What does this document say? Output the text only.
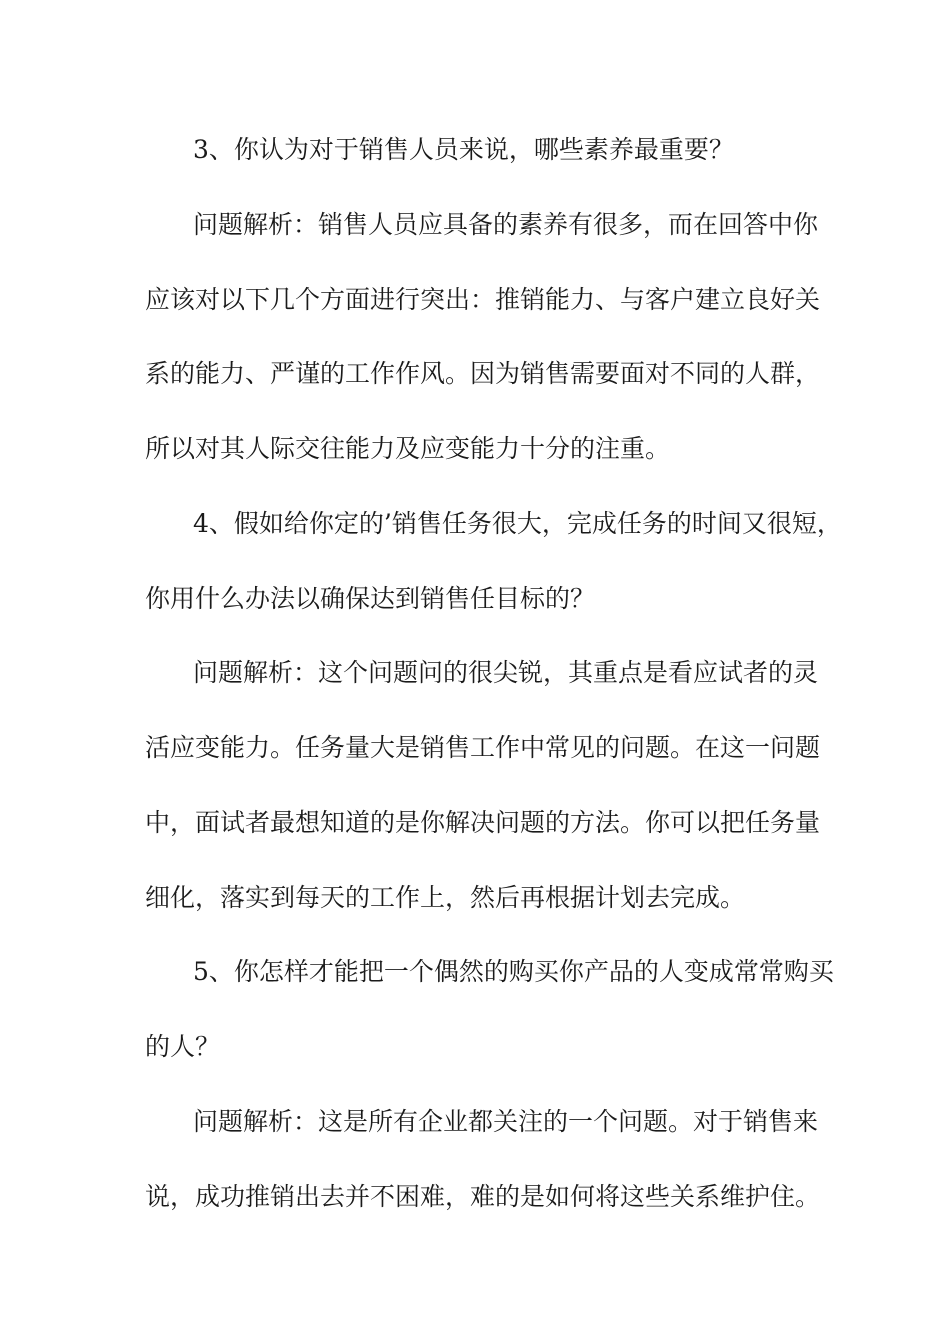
3、你认为对于销售人员来说，哪些素养最重要？
问题解析：销售人员应具备的素养有很多，而在回答中你
应该对以下几个方面进行突出：推销能力、与客户建立良好关
系的能力、严谨的工作作风。因为销售需要面对不同的人群，
所以对其人际交往能力及应变能力十分的注重。
4、假如给你定的’销售任务很大，完成任务的时间又很短，
你用什么办法以确保达到销售任目标的？
问题解析：这个问题问的很尖锐，其重点是看应试者的灵
活应变能力。任务量大是销售工作中常见的问题。在这一问题
中，面试者最想知道的是你解决问题的方法。你可以把任务量
细化，落实到每天的工作上，然后再根据计划去完成。
5、你怎样才能把一个偶然的购买你产品的人变成常常购买
的人？
问题解析：这是所有企业都关注的一个问题。对于销售来
说，成功推销出去并不困难，难的是如何将这些关系维护住。
